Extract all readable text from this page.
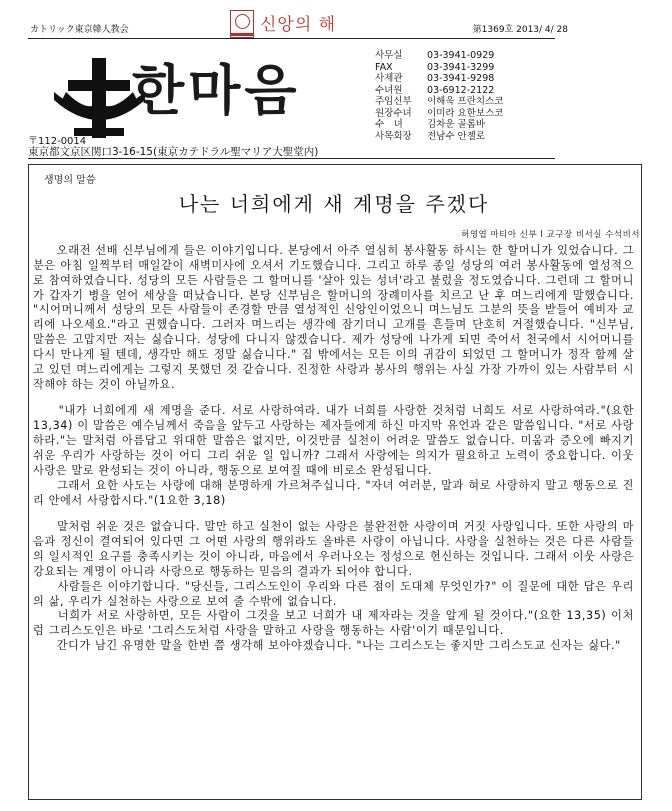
カトリック東京韓人教会	신앙의 해	第1369호 2013/ 4/ 28
한마음
사무실	03-3941-0929
FAX	03-3941-3299
사제관	03-3941-9298
수녀원	03-6912-2122
주임신부	이해욱 프란치스코
원장수녀	이미라 요한보스코
수　녀	김차운 골롬바
사목회장	전남수 안젤로
〒112-0014
東京都文京区関口3-16-15(東京カテドラル聖マリア大聖堂内)
생명의 말씀
나는 너희에게 새 계명을 주겠다
허영엽 마티아 신부 l 교구장 비서실 수석비서

　　오래전 선배 신부님에게 들은 이야기입니다. 본당에서 아주 열심히 봉사활동 하시는 한 할머니가 있었습니다. 그분은 아침 일찍부터 매일같이 새벽미사에 오셔서 기도했습니다. 그리고 하루 종일 성당의 여러 봉사활동에 열성적으로 참여하였습니다. 성당의 모든 사람들은 그 할머니를 '살아 있는 성녀'라고 불렀을 정도였습니다. 그런데 그 할머니가 갑자기 병을 얻어 세상을 떠났습니다. 본당 신부님은 할머니의 장례미사를 치르고 난 후 며느리에게 말했습니다. "시어머니께서 성당의 모든 사람들이 존경할 만큼 열성적인 신앙인이었으니 며느님도 그분의 뜻을 받들어 예비자 교리에 나오세요."라고 권했습니다. 그러자 며느리는 생각에 잠기더니 고개를 흔들며 단호히 거절했습니다. "신부님, 말씀은 고맙지만 저는 싫습니다. 성당에 다니지 않겠습니다. 제가 성당에 나가게 되면 죽어서 천국에서 시어머니를 다시 만나게 될 텐데, 생각만 해도 정말 싫습니다." 집 밖에서는 모든 이의 귀감이 되었던 그 할머니가 정작 함께 살고 있던 며느리에게는 그렇지 못했던 것 같습니다. 진정한 사랑과 봉사의 행위는 사실 가장 가까이 있는 사람부터 시작해야 하는 것이 아닐까요.

　　"내가 너희에게 새 계명을 준다. 서로 사랑하여라. 내가 너희를 사랑한 것처럼 너희도 서로 사랑하여라."(요한13,34) 이 말씀은 예수님께서 죽음을 앞두고 사랑하는 제자들에게 하신 마지막 유언과 같은 말씀입니다. "서로 사랑하라."는 말처럼 아름답고 위대한 말씀은 없지만, 이것만큼 실천이 어려운 말씀도 없습니다. 미움과 증오에 빠지기 쉬운 우리가 사랑하는 것이 어디 그리 쉬운 일 입니까? 그래서 사랑에는 의지가 필요하고 노력이 중요합니다. 이웃 사랑은 말로 완성되는 것이 아니라, 행동으로 보여질 때에 비로소 완성됩니다.

　　그래서 요한 사도는 사랑에 대해 분명하게 가르쳐주십니다. "자녀 여러분, 말과 혀로 사랑하지 말고 행동으로 진리 안에서 사랑합시다."(1요한 3,18)

　　말처럼 쉬운 것은 없습니다. 말만 하고 실천이 없는 사랑은 불완전한 사랑이며 거짓 사랑입니다. 또한 사랑의 마음과 정신이 결여되어 있다면 그 어떤 사랑의 행위라도 올바른 사랑이 아닙니다. 사랑을 실천하는 것은 다른 사람들의 일시적인 요구를 충족시키는 것이 아니라, 마음에서 우러나오는 정성으로 헌신하는 것입니다. 그래서 이웃 사랑은 강요되는 계명이 아니라 사랑으로 행동하는 믿음의 결과가 되어야 합니다.

　　사람들은 이야기합니다. "당신들, 그리스도인이 우리와 다른 점이 도대체 무엇인가?" 이 질문에 대한 답은 우리의 삶, 우리가 실천하는 사랑으로 보여 줄 수밖에 없습니다.

　　너희가 서로 사랑하면, 모든 사람이 그것을 보고 너희가 내 제자라는 것을 알게 될 것이다."(요한 13,35) 이처럼 그리스도인은 바로 '그리스도처럼 사랑을 말하고 사랑을 행동하는 사람'이기 때문입니다.

　　간디가 남긴 유명한 말을 한번 쯤 생각해 보아야겠습니다. "나는 그리스도는 좋지만 그리스도교 신자는 싫다."
